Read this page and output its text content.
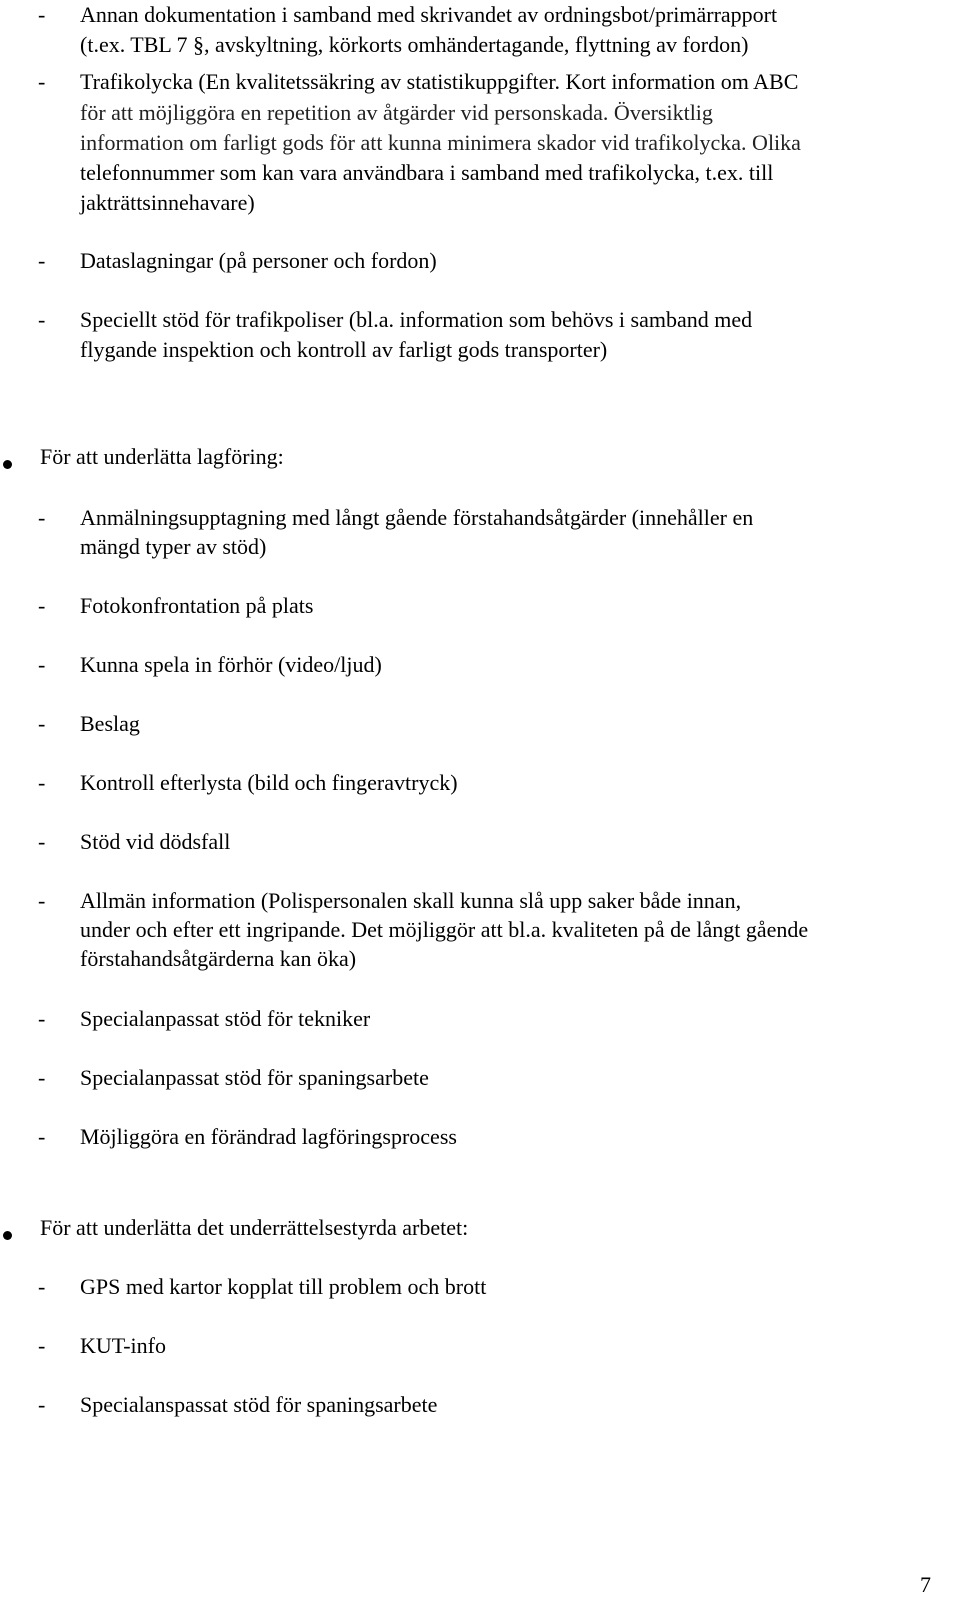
- Annan dokumentation i samband med skrivandet av ordningsbot/primärrapport
(t.ex. TBL 7 §, avskyltning, körkorts omhändertagande, flyttning av fordon)
- Trafikolycka (En kvalitetssäkring av statistikuppgifter. Kort information om ABC
för att möjliggöra en repetition av åtgärder vid personskada. Översiktlig
information om farligt gods för att kunna minimera skador vid trafikolycka. Olika
telefonnummer som kan vara användbara i samband med trafikolycka, t.ex. till
jakträttsinnehavare)
- Dataslagningar (på personer och fordon)
- Speciellt stöd för trafikpoliser (bl.a. information som behövs i samband med
flygande inspektion och kontroll av farligt gods transporter)
För att underlätta lagföring:
- Anmälningsupptagning med långt gående förstahandsåtgärder (innehåller en
mängd typer av stöd)
- Fotokonfrontation på plats
- Kunna spela in förhör (video/ljud)
- Beslag
- Kontroll efterlysta (bild och fingeravtryck)
- Stöd vid dödsfall
- Allmän information (Polispersonalen skall kunna slå upp saker både innan,
under och efter ett ingripande. Det möjliggör att bl.a. kvaliteten på de långt gående
förstahandsåtgärderna kan öka)
- Specialanpassat stöd för tekniker
- Specialanpassat stöd för spaningsarbete
- Möjliggöra en förändrad lagföringsprocess
För att underlätta det underrättelsestyrda arbetet:
- GPS med kartor kopplat till problem och brott
- KUT-info
- Specialanspassat stöd för spaningsarbete
7
